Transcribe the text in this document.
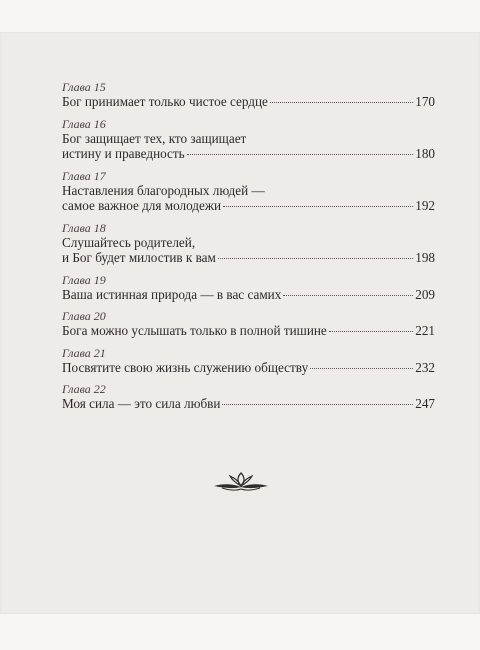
Глава 15
Бог принимает только чистое сердце	170
Глава 16
Бог защищает тех, кто защищает
истину и праведность	180
Глава 17
Наставления благородных людей —
самое важное для молодежи	192
Глава 18
Слушайтесь родителей,
и Бог будет милостив к вам	198
Глава 19
Ваша истинная природа — в вас самих	209
Глава 20
Бога можно услышать только в полной тишине	221
Глава 21
Посвятите свою жизнь служению обществу	232
Глава 22
Моя сила — это сила любви	247
